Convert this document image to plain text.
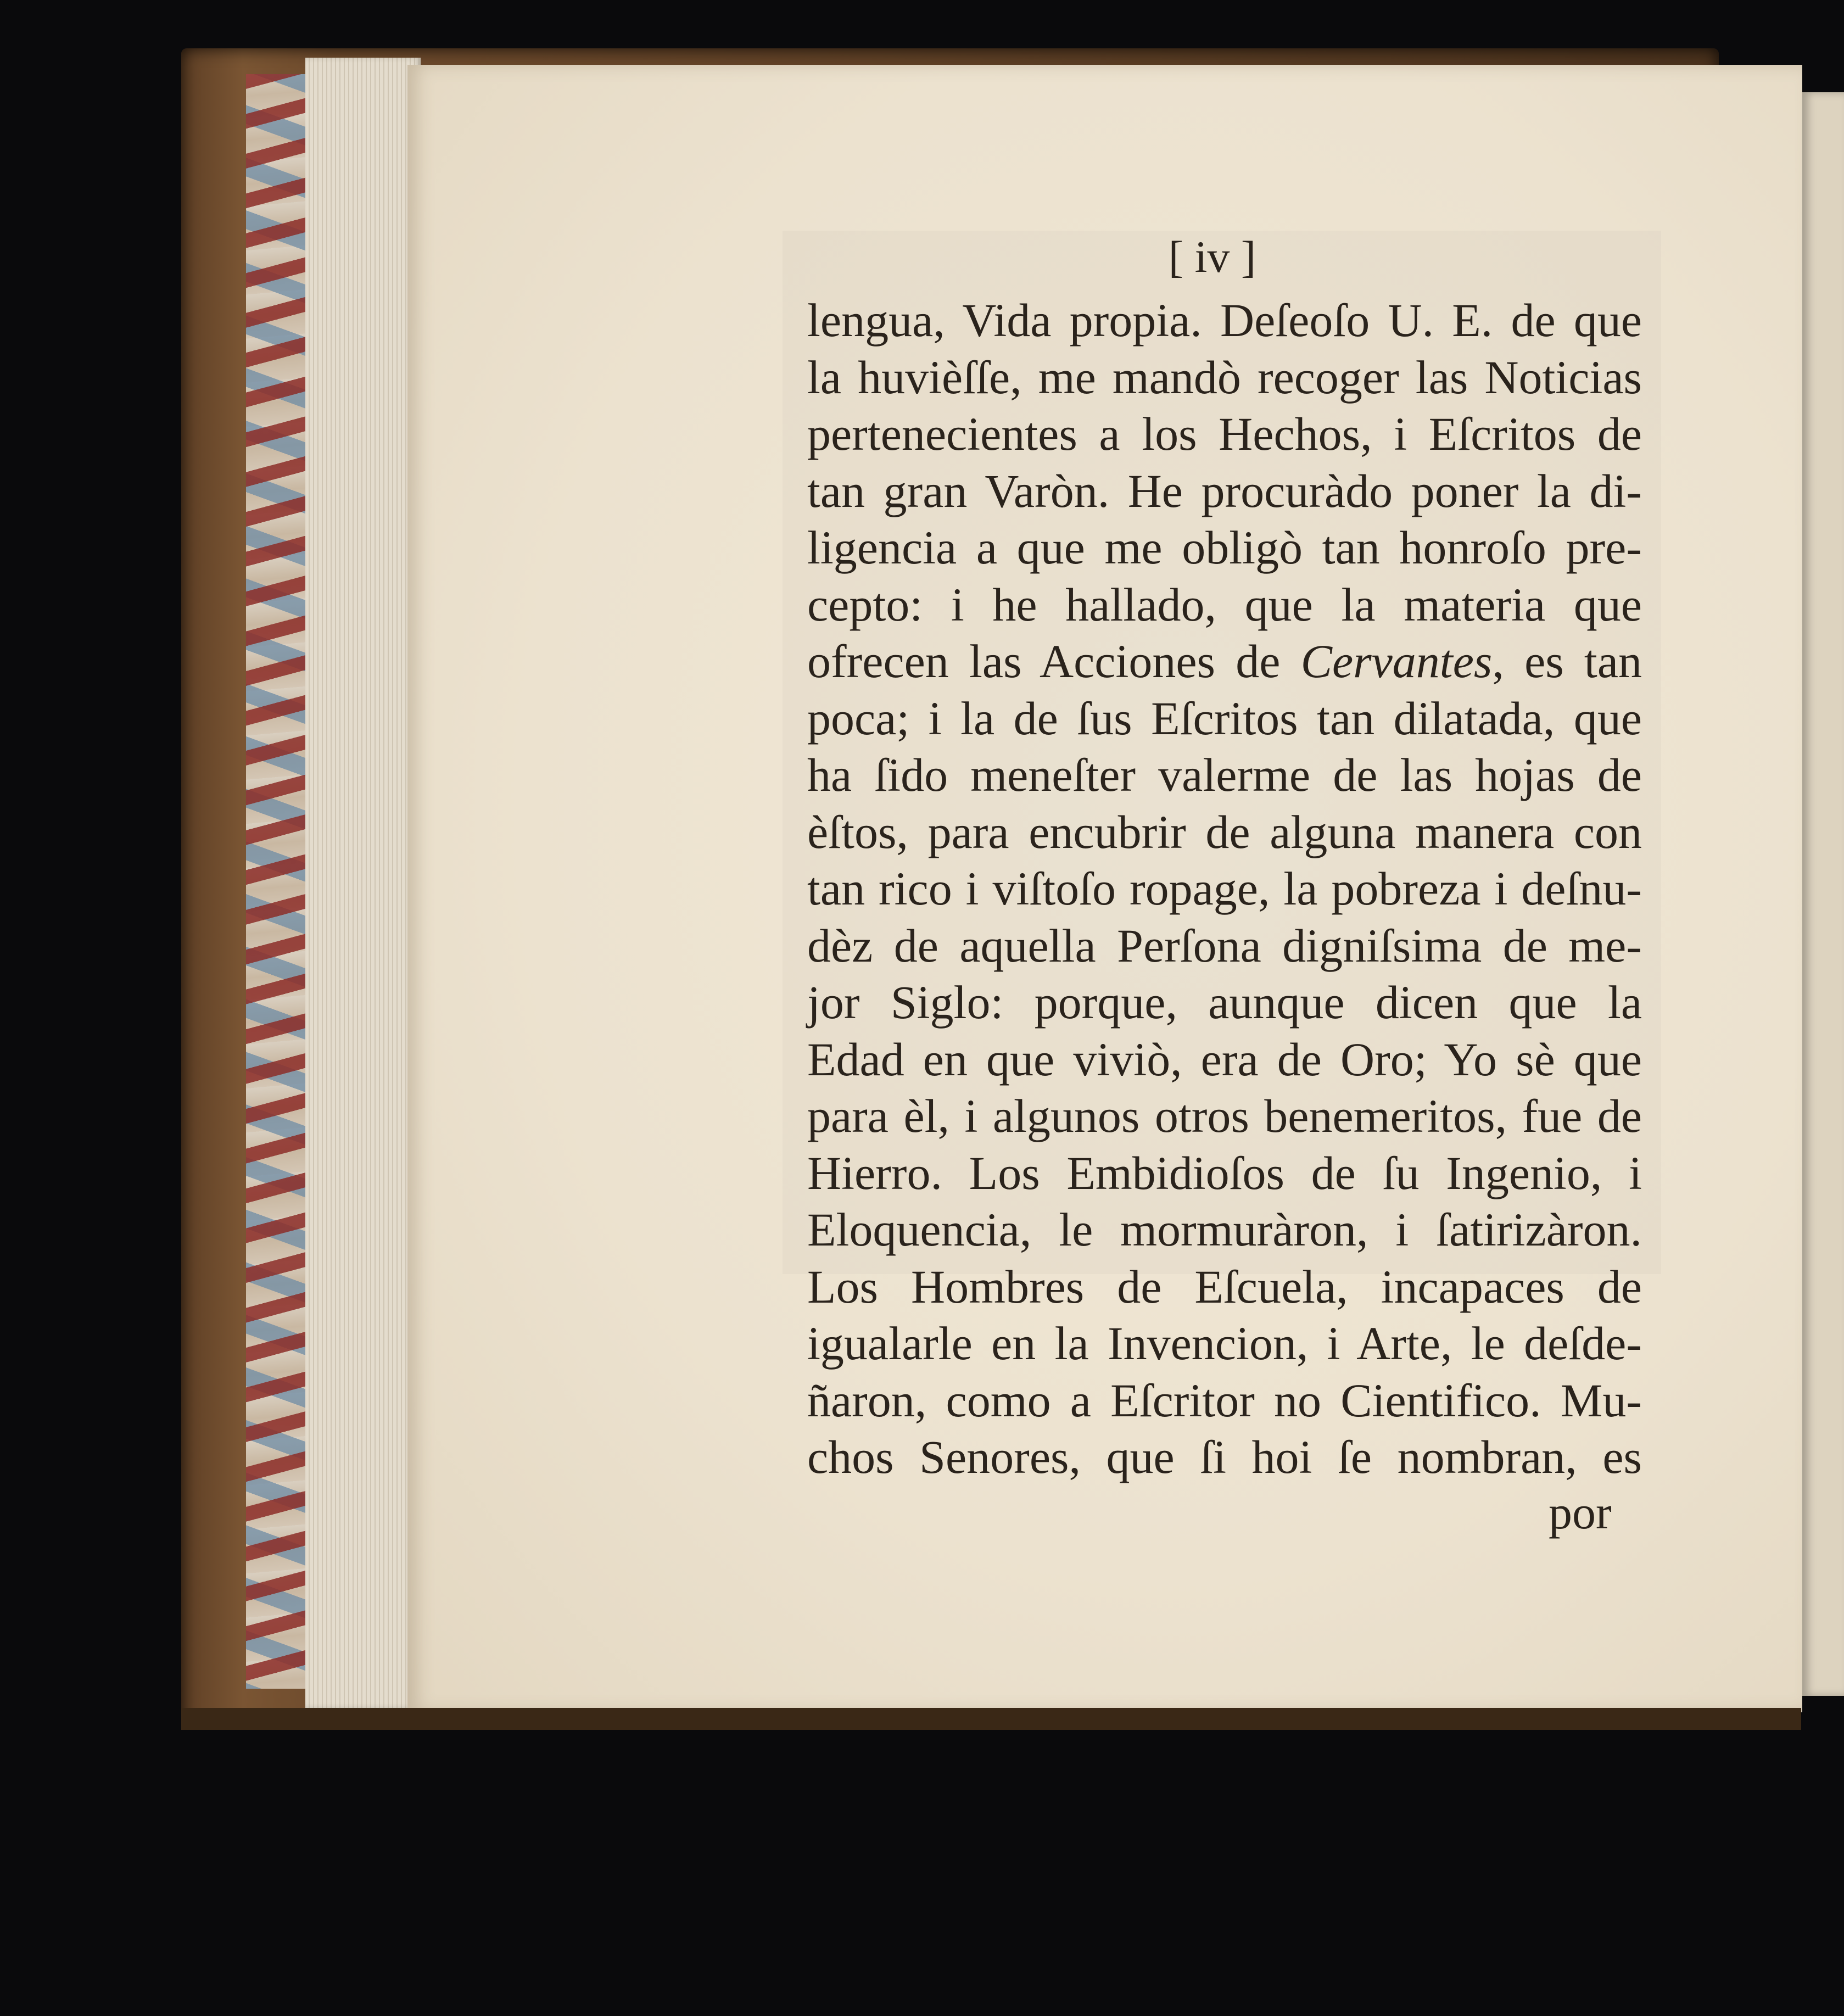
[ iv ]
lengua, Vida propia. Deſeoſo U. E. de que
la huvièſſe, me mandò recoger las Noticias
pertenecientes a los Hechos, i Eſcritos de
tan gran Varòn. He procuràdo poner la di-
ligencia a que me obligò tan honroſo pre-
cepto: i he hallado, que la materia que
ofrecen las Acciones de Cervantes, es tan
poca; i la de ſus Eſcritos tan dilatada, que
ha ſido meneſter valerme de las hojas de
èſtos, para encubrir de alguna manera con
tan rico i viſtoſo ropage, la pobreza i deſnu-
dèz de aquella Perſona digniſsima de me-
jor Siglo: porque, aunque dicen que la
Edad en que viviò, era de Oro; Yo sè que
para èl, i algunos otros benemeritos, fue de
Hierro. Los Embidioſos de ſu Ingenio, i
Eloquencia, le mormuràron, i ſatirizàron.
Los Hombres de Eſcuela, incapaces de
igualarle en la Invencion, i Arte, le deſde-
ñaron, como a Eſcritor no Cientifico. Mu-
chos Senores, que ſi hoi ſe nombran, es
por
